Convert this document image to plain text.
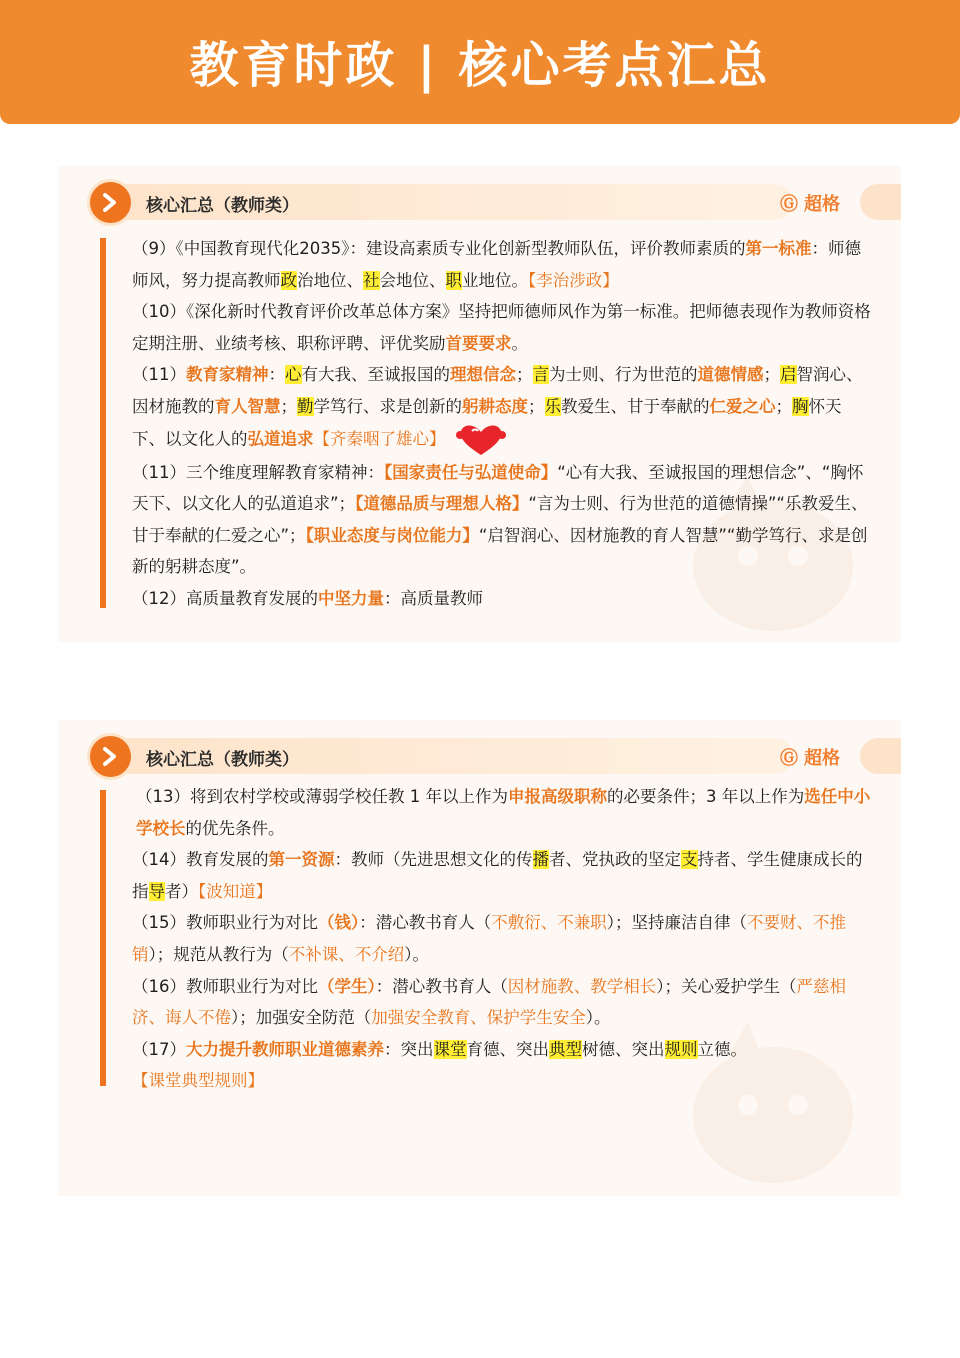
教育时政 | 核心考点汇总
核心汇总（教师类）	Ⓖ 超格

（9）《中国教育现代化2035》：建设高素质专业化创新型教师队伍，评价教师素质的第一标准：师德师风，努力提高教师政治地位、社会地位、职业地位。【李治涉政】

（10）《深化新时代教育评价改革总体方案》坚持把师德师风作为第一标准。把师德表现作为教师资格定期注册、业绩考核、职称评聘、评优奖励首要要求。

（11）教育家精神：心有大我、至诚报国的理想信念；言为士则、行为世范的道德情感；启智润心、因材施教的育人智慧；勤学笃行、求是创新的躬耕态度；乐教爱生、甘于奉献的仁爱之心；胸怀天下、以文化人的弘道追求【齐秦咽了雄心】

（11）三个维度理解教育家精神：【国家责任与弘道使命】“心有大我、至诚报国的理想信念”、“胸怀天下、以文化人的弘道追求”；【道德品质与理想人格】“言为士则、行为世范的道德情操”“乐教爱生、甘于奉献的仁爱之心”；【职业态度与岗位能力】“启智润心、因材施教的育人智慧”“勤学笃行、求是创新的躬耕态度”。

（12）高质量教育发展的中坚力量：高质量教师

核心汇总（教师类）	Ⓖ 超格

（13）将到农村学校或薄弱学校任教 1 年以上作为申报高级职称的必要条件；3 年以上作为选任中小学校长的优先条件。

（14）教育发展的第一资源：教师（先进思想文化的传播者、党执政的坚定支持者、学生健康成长的指导者）【波知道】

（15）教师职业行为对比（钱）：潜心教书育人（不敷衍、不兼职）；坚持廉洁自律（不要财、不推销）；规范从教行为（不补课、不介绍）。

（16）教师职业行为对比（学生）：潜心教书育人（因材施教、教学相长）；关心爱护学生（严慈相济、诲人不倦）；加强安全防范（加强安全教育、保护学生安全）。

（17）大力提升教师职业道德素养：突出课堂育德、突出典型树德、突出规则立德。
【课堂典型规则】
